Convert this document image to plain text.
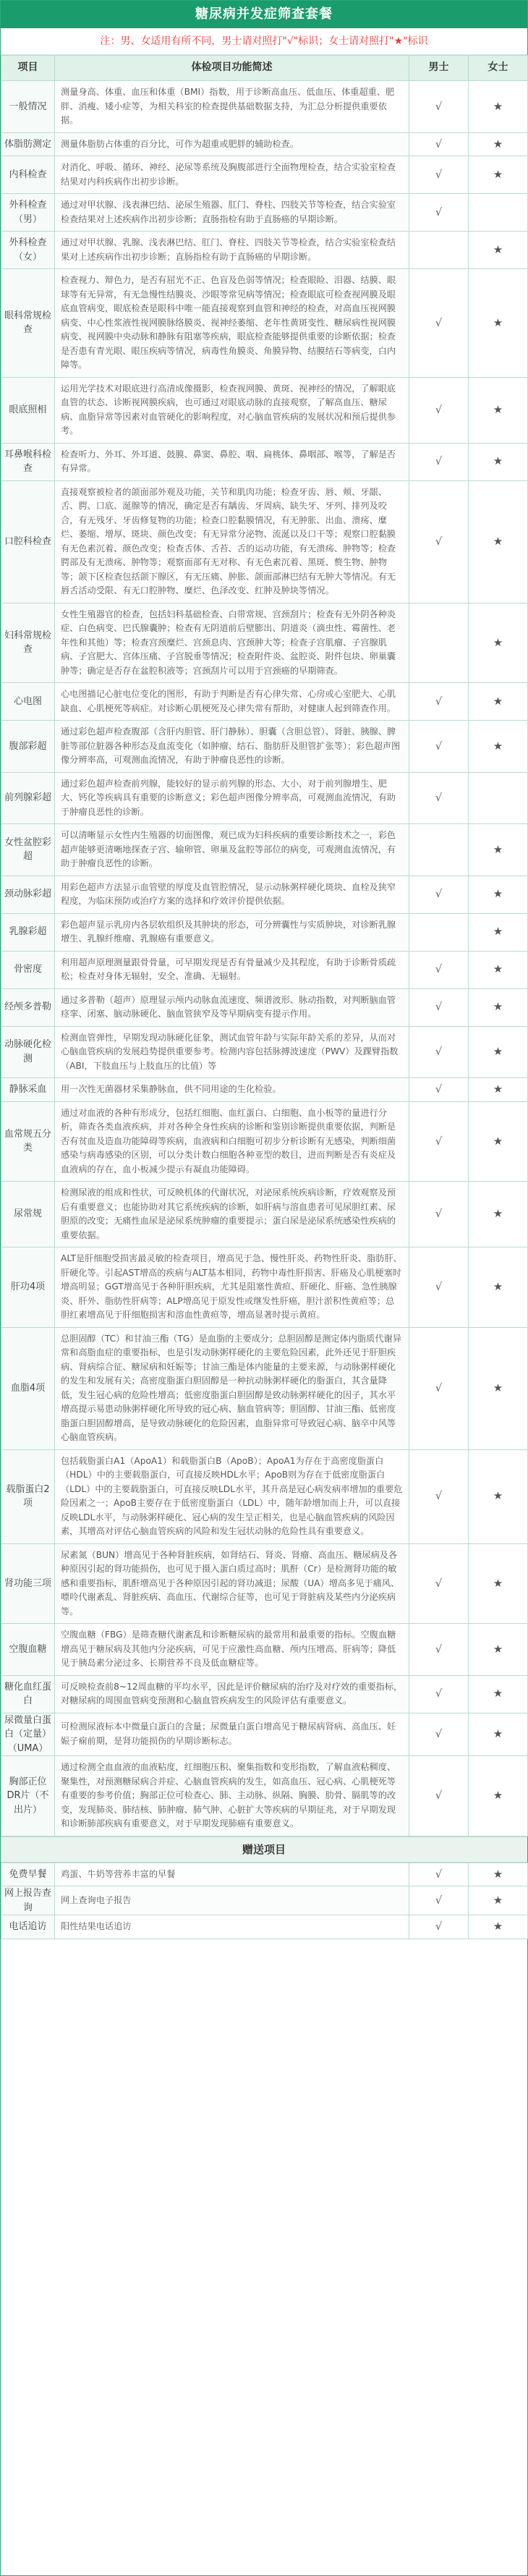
糖尿病并发症筛查套餐
注：男、女适用有所不同，男士请对照打"√"标识；女士请对照打"★"标识
项目	体检项目功能简述	男士	女士
一般情况	测量身高、体重、血压和体重（BMI）指数，用于诊断高血压、低血压、体重超重、肥胖、消瘦、矮小症等，为相关科室的检查提供基础数据支持，为汇总分析提供重要依据。	√	★
体脂肪测定	测量体脂肪占体重的百分比，可作为超重或肥胖的辅助检查。	√	★
内科检查	对消化、呼吸、循环、神经、泌尿等系统及胸腹部进行全面物理检查，结合实验室检查结果对内科疾病作出初步诊断。	√	★
外科检查（男）	通过对甲状腺、浅表淋巴结、泌尿生殖器、肛门、脊柱、四肢关节等检查，结合实验室检查结果对上述疾病作出初步诊断；直肠指检有助于直肠癌的早期诊断。	√	
外科检查（女）	通过对甲状腺、乳腺、浅表淋巴结、肛门、脊柱、四肢关节等检查，结合实验室检查结果对上述疾病作出初步诊断；直肠指检有助于直肠癌的早期诊断。		★
眼科常规检查	检查视力、辩色力，是否有屈光不正、色盲及色弱等情况；检查眼睑、泪器、结膜、眼球等有无异常，有无急慢性结膜炎、沙眼等常见病等情况；检查眼底可检查视网膜及眼底血管病变，眼底检查是眼科中唯一能直接观察到血管和神经的检查，对高血压视网膜病变、中心性浆液性视网膜脉络膜炎、视神经萎缩、老年性黄斑变性、糖尿病性视网膜病变、视网膜中央动脉和静脉有阻塞等疾病，眼底检查能够提供重要的诊断依据；检查是否患有青光眼、眼压疾病等情况，病毒性角膜炎、角膜异物、结膜结石等病变，白内障等。	√	★
眼底照相	运用光学技术对眼底进行高清成像摄影，检查视网膜、黄斑、视神经的情况，了解眼底血管的状态、诊断视网膜疾病，也可通过对眼底动脉的直接观察，了解高血压、糖尿病、血脂异常等因素对血管硬化的影响程度，对心脑血管疾病的发展状况和预后提供参考。	√	★
耳鼻喉科检查	检查听力、外耳、外耳道、鼓膜、鼻窦、鼻腔、咽、扁桃体、鼻咽部、喉等，了解是否有异常。	√	★
口腔科检查	直接观察被检者的颌面部外观及功能，关节和肌肉功能；检查牙齿、唇、颊、牙龈、舌、腭、口底、涎腺等的情况，确定是否有龋齿、牙周病、缺失牙、牙列、排列及咬合，有无残牙、牙齿修复物的功能；检查口腔黏膜情况，有无肿胀、出血、溃疡、糜烂、萎缩、增厚、斑块、颜色改变；有无异常分泌物、流涎以及口干等；观察口腔黏膜有无色素沉着、颜色改变；检查舌体、舌苔、舌的运动功能，有无溃疡、肿物等；检查腭部及有无溃疡、肿物等；观察面部有无对称、有无色素沉着、黑斑、赘生物、肿物等；颌下区检查包括颌下腺区，有无压痛、肿胀、颌面部淋巴结有无肿大等情况。有无唇舌活动受限、有无口腔肿物、糜烂、色泽改变、红肿及肿块等情况。	√	★
妇科常规检查	女性生殖器官的检查，包括妇科基础检查、白带常规、宫颈刮片；检查有无外阴各种炎症、白色病变、巴氏腺囊肿；检查有无阴道前后壁膨出、阴道炎（滴虫性、霉菌性、老年性和其他）等；检查宫颈糜烂、宫颈息肉、宫颈肿大等；检查子宫肌瘤、子宫腺肌病、子宫肥大、宫体压痛、子宫脱垂等情况；检查附件炎、盆腔炎、附件包块、卵巢囊肿等；确定是否存在盆腔积液等；宫颈刮片可以用于宫颈癌的早期筛查。		★
心电图	心电图描记心脏电位变化的图形，有助于判断是否有心律失常、心房或心室肥大、心肌缺血、心肌梗死等病症。对诊断心肌梗死及心律失常有帮助，对健康人起到筛查作用。	√	★
腹部彩超	通过彩色超声检查腹部（含肝内胆管、肝门静脉）、胆囊（含胆总管）、肾脏、胰腺、脾脏等部位脏器各种形态及血流变化（如肿瘤、结石、脂肪肝及胆管扩张等）；彩色超声图像分辨率高，可观测血流情况，有助于肿瘤良恶性的诊断。	√	★
前列腺彩超	通过彩色超声检查前列腺，能较好的显示前列腺的形态、大小，对于前列腺增生、肥大、钙化等疾病具有重要的诊断意义；彩色超声图像分辨率高，可观测血流情况，有助于肿瘤良恶性的诊断。	√	
女性盆腔彩超	可以清晰显示女性内生殖器的切面图像，观已成为妇科疾病的重要诊断技术之一，彩色超声能够更清晰地探查子宫、输卵管、卵巢及盆腔等部位的病变，可观测血流情况，有助于肿瘤良恶性的诊断。		★
颈动脉彩超	用彩色超声方法显示血管壁的厚度及血管腔情况，显示动脉粥样硬化斑块、血栓及狭窄程度，为临床预防或治疗方案的选择和疗效评价提供依据。	√	★
乳腺彩超	彩色超声显示乳房内各层软组织及其肿块的形态，可分辨囊性与实质肿块，对诊断乳腺增生、乳腺纤维瘤、乳腺癌有重要意义。		★
骨密度	利用超声原理测量跟骨骨量，可早期发现是否有骨量减少及其程度，有助于诊断骨质疏松；检查对身体无辐射，安全、准确、无辐射。	√	★
经颅多普勒	通过多普勒（超声）原理显示颅内动脉血流速度、频谱波形、脉动指数，对判断脑血管痉挛、闭塞、脑动脉硬化、脑血管狭窄及等早期病变有提示作用。	√	★
动脉硬化检测	检测血管弹性，早期发现动脉硬化征象，测试血管年龄与实际年龄关系的差异，从而对心脑血管疾病的发展趋势提供重要参考。检测内容包括脉搏波速度（PWV）及踝臂指数（ABI，下肢血压与上肢血压的比值）等	√	★
静脉采血	用一次性无菌器材采集静脉血，供不同用途的生化检验。	√	★
血常规五分类	通过对血液的各种有形成分，包括红细胞、血红蛋白、白细胞、血小板等的量进行分析，筛查各类血液疾病，并对各种全身性疾病的诊断和鉴别诊断提供重要依据，判断是否有贫血及造血功能障碍等疾病，血液病和白细胞可初步分析诊断有无感染，判断细菌感染与病毒感染的区别，可以分类计数白细胞各种亚型的数目，进而判断是否有炎症及血液病的存在，血小板减少提示有凝血功能障碍。	√	★
尿常规	检测尿液的组成和性状，可反映机体的代谢状况，对泌尿系统疾病诊断，疗效观察及预后有重要意义；也能协助对其它系统疾病的诊断，如肝病与溶血患者可见尿胆红素、尿胆原的改变；无痛性血尿是泌尿系统肿瘤的重要提示；蛋白尿是泌尿系统感染性疾病的重要依据。	√	★
肝功4项	ALT是肝细胞受损害最灵敏的检查项目，增高见于急、慢性肝炎、药物性肝炎、脂肪肝、肝硬化等。引起AST增高的疾病与ALT基本相同，药物中毒性肝损害、肝癌及心肌梗塞时增高明显；GGT增高见于各种肝胆疾病，尤其是阻塞性黄疸、肝硬化、肝癌、急性胰腺炎、肝外、脂肪性肝病等；ALP增高见于原发性或继发性肝癌，胆汁淤积性黄疸等；总胆红素增高见于肝细胞损害和溶血性黄疸等，增高显著时提示黄疸。	√	★
血脂4项	总胆固醇（TC）和甘油三酯（TG）是血脂的主要成分；总胆固醇是测定体内脂质代谢异常和高脂血症的重要指标，也是引发动脉粥样硬化的主要危险因素，此外还见于肝胆疾病、肾病综合征、糖尿病和妊娠等；甘油三酯是体内能量的主要来源，与动脉粥样硬化的发生和发展有关；高密度脂蛋白胆固醇是一种抗动脉粥样硬化的脂蛋白，其含量降低，发生冠心病的危险性增高；低密度脂蛋白胆固醇是致动脉粥样硬化的因子，其水平增高提示易患动脉粥样硬化所导致的冠心病、脑血管病等；胆固醇、甘油三酯、低密度脂蛋白胆固醇增高，是导致动脉硬化的危险因素，血脂异常可导致冠心病、脑卒中风等心脑血管疾病。	√	★
载脂蛋白2项	包括载脂蛋白A1（ApoA1）和载脂蛋白B（ApoB）；ApoA1为存在于高密度脂蛋白（HDL）中的主要载脂蛋白，可直接反映HDL水平；ApoB则为存在于低密度脂蛋白（LDL）中的主要载脂蛋白，可直接反映LDL水平，其升高是冠心病发病率增加的重要危险因素之一；ApoB主要存在于低密度脂蛋白（LDL）中，随年龄增加而上升，可以直接反映LDL水平，与动脉粥样硬化、冠心病的发生呈正相关，也是心脑血管疾病的风险因素，其增高对评估心脑血管疾病的风险和发生冠状动脉的危险性具有重要意义。	√	★
肾功能三项	尿素氮（BUN）增高见于各种肾脏疾病，如肾结石、肾炎、肾瘤、高血压、糖尿病及各种原因引起的肾功能损伤，也可见于摄入蛋白质过高时；肌酐（Cr）是检测肾功能的敏感和重要指标，肌酐增高见于各种原因引起的肾功减退；尿酸（UA）增高多见于痛风、嘌呤代谢紊乱、肾脏疾病、高血压、代谢综合征等，也可见于肾脏病及某些内分泌疾病等。	√	★
空腹血糖	空腹血糖（FBG）是筛查糖代谢紊乱和诊断糖尿病的最常用和最重要的指标。空腹血糖增高见于糖尿病及其他内分泌疾病，可见于应激性高血糖、颅内压增高、肝病等；降低见于胰岛素分泌过多、长期营养不良及低血糖症等。	√	★
糖化血红蛋白	可反映检查前8~12周血糖的平均水平，因此是评价糖尿病的治疗及对疗效的重要指标，对糖尿病的周围血管病变预测和心脑血管疾病发生的风险评估有重要意义。	√	★
尿微量白蛋白（定量）（UMA）	可检测尿液标本中微量白蛋白的含量；尿微量白蛋白增高见于糖尿病肾病、高血压、妊娠子痫前期，是肾功能损伤的早期诊断标志。	√	★
胸部正位DR片（不出片）	通过检测全血血液的血液粘度，红细胞压积、聚集指数和变形指数，了解血液粘稠度、聚集性，对预测糖尿病合并症、心脑血管疾病的发生，如高血压、冠心病、心肌梗死等有重要的参考价值；胸部正位可检查心、肺、主动脉、纵隔、胸膜、肋骨、膈肌等的改变，发现肺炎、肺结核、肺肿瘤、肺气肿、心脏扩大等疾病的早期征兆，对于早期发现和诊断肺部疾病有重要意义，对于早期发现肺癌有重要意义。	√	★
赠送项目
免费早餐	鸡蛋、牛奶等营养丰富的早餐	√	★
网上报告查询	网上查询电子报告	√	★
电话追访	阳性结果电话追访	√	★
